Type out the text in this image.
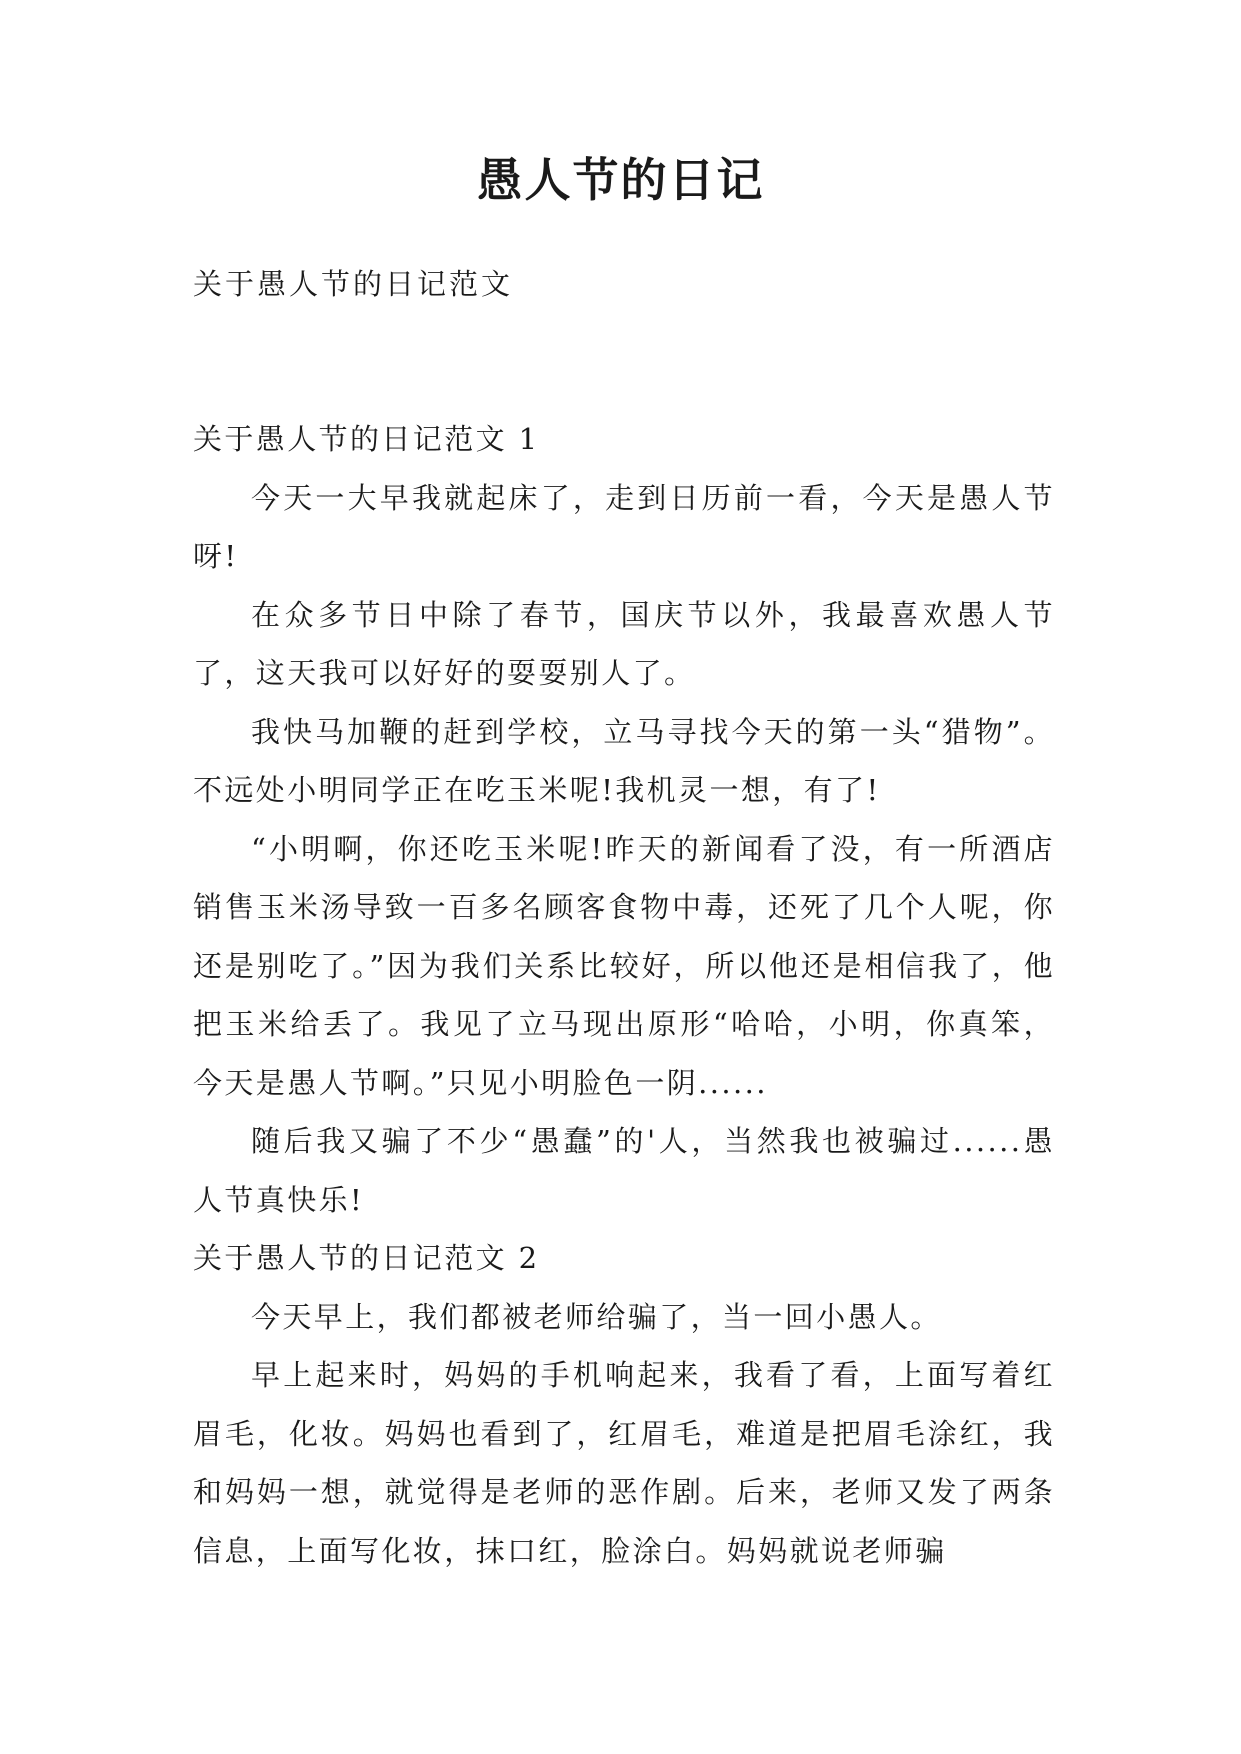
愚人节的日记

关于愚人节的日记范文

关于愚人节的日记范文 1

今天一大早我就起床了，走到日历前一看，今天是愚人节呀!

在众多节日中除了春节，国庆节以外，我最喜欢愚人节了，这天我可以好好的耍耍别人了。

我快马加鞭的赶到学校，立马寻找今天的第一头“猎物”。不远处小明同学正在吃玉米呢!我机灵一想，有了!

“小明啊，你还吃玉米呢!昨天的新闻看了没，有一所酒店销售玉米汤导致一百多名顾客食物中毒，还死了几个人呢，你还是别吃了。”因为我们关系比较好，所以他还是相信我了，他把玉米给丢了。我见了立马现出原形“哈哈，小明，你真笨，今天是愚人节啊。”只见小明脸色一阴......

随后我又骗了不少“愚蠢”的'人，当然我也被骗过......愚人节真快乐!

关于愚人节的日记范文 2

今天早上，我们都被老师给骗了，当一回小愚人。

早上起来时，妈妈的手机响起来，我看了看，上面写着红眉毛，化妆。妈妈也看到了，红眉毛，难道是把眉毛涂红，我和妈妈一想，就觉得是老师的恶作剧。后来，老师又发了两条信息，上面写化妆，抹口红，脸涂白。妈妈就说老师骗
